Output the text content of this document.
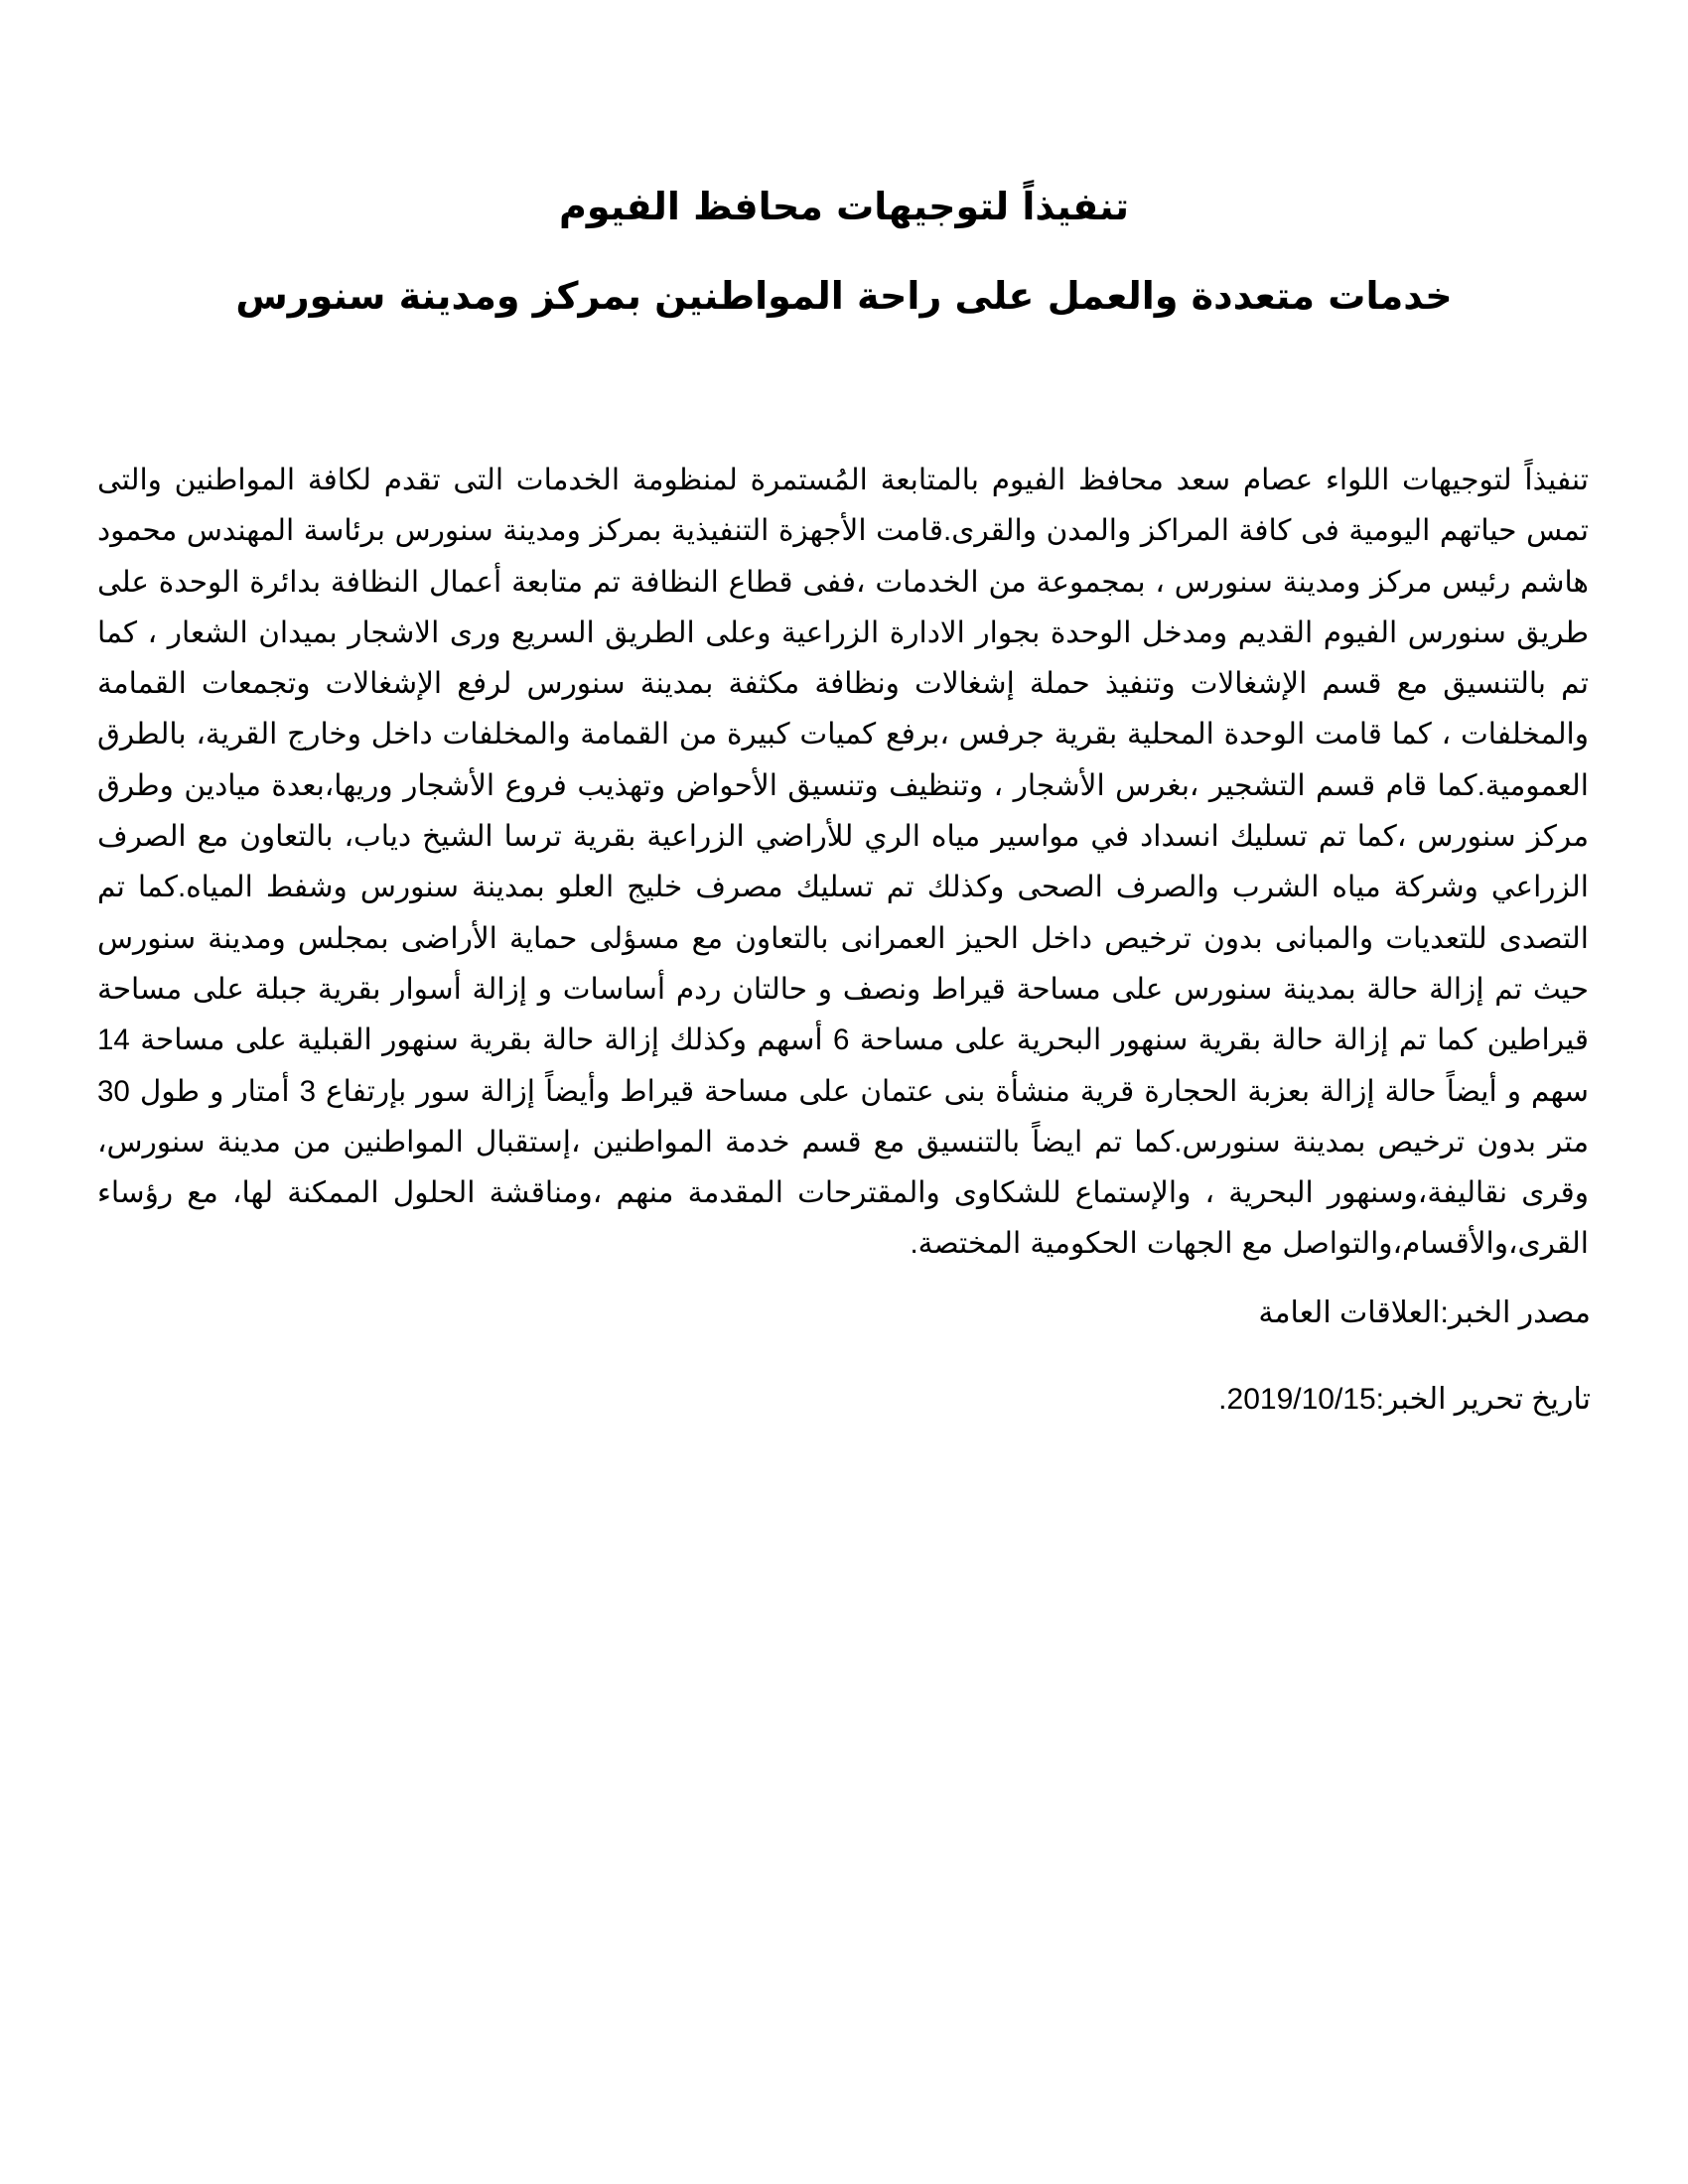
تنفيذاً لتوجيهات محافظ الفيوم
خدمات متعددة والعمل على راحة المواطنين بمركز ومدينة سنورس
تنفيذاً لتوجيهات اللواء عصام سعد محافظ الفيوم بالمتابعة المُستمرة لمنظومة الخدمات التى تقدم لكافة المواطنين والتى تمس حياتهم اليومية فى كافة المراكز والمدن والقرى.قامت الأجهزة التنفيذية بمركز ومدينة سنورس برئاسة المهندس محمود هاشم رئيس مركز ومدينة سنورس ، بمجموعة من الخدمات ،ففى قطاع النظافة تم متابعة أعمال النظافة بدائرة الوحدة على طريق سنورس الفيوم القديم ومدخل الوحدة بجوار الادارة الزراعية وعلى الطريق السريع ورى الاشجار بميدان الشعار ، كما تم بالتنسيق مع قسم الإشغالات وتنفيذ حملة إشغالات ونظافة مكثفة بمدينة سنورس لرفع الإشغالات وتجمعات القمامة والمخلفات ، كما قامت الوحدة المحلية بقرية جرفس ،برفع كميات كبيرة من القمامة والمخلفات داخل وخارج القرية، بالطرق العمومية.كما قام قسم التشجير ،بغرس الأشجار ، وتنظيف وتنسيق الأحواض وتهذيب فروع الأشجار وريها،بعدة ميادين وطرق مركز سنورس ،كما تم تسليك انسداد في مواسير مياه الري للأراضي الزراعية بقرية ترسا الشيخ دياب، بالتعاون مع الصرف الزراعي وشركة مياه الشرب والصرف الصحى وكذلك تم تسليك مصرف خليج العلو بمدينة سنورس وشفط المياه.كما تم التصدى للتعديات والمبانى بدون ترخيص داخل الحيز العمرانى بالتعاون مع مسؤلى حماية الأراضى بمجلس ومدينة سنورس حيث تم إزالة حالة بمدينة سنورس على مساحة قيراط ونصف و حالتان ردم أساسات و إزالة أسوار بقرية جبلة على مساحة قيراطين كما تم إزالة حالة بقرية سنهور البحرية على مساحة 6 أسهم وكذلك إزالة حالة بقرية سنهور القبلية على مساحة 14 سهم و أيضاً حالة إزالة بعزبة الحجارة قرية منشأة بنى عتمان على مساحة قيراط وأيضاً إزالة سور بإرتفاع 3 أمتار و طول 30 متر بدون ترخيص بمدينة سنورس.كما تم ايضاً بالتنسيق مع قسم خدمة المواطنين ،إستقبال المواطنين من مدينة سنورس، وقرى نقاليفة،وسنهور البحرية ، والإستماع للشكاوى والمقترحات المقدمة منهم ،ومناقشة الحلول الممكنة لها، مع رؤساء القرى،والأقسام،والتواصل مع الجهات الحكومية المختصة.
مصدر الخبر:العلاقات العامة
تاريخ تحرير الخبر:2019/10/15.
